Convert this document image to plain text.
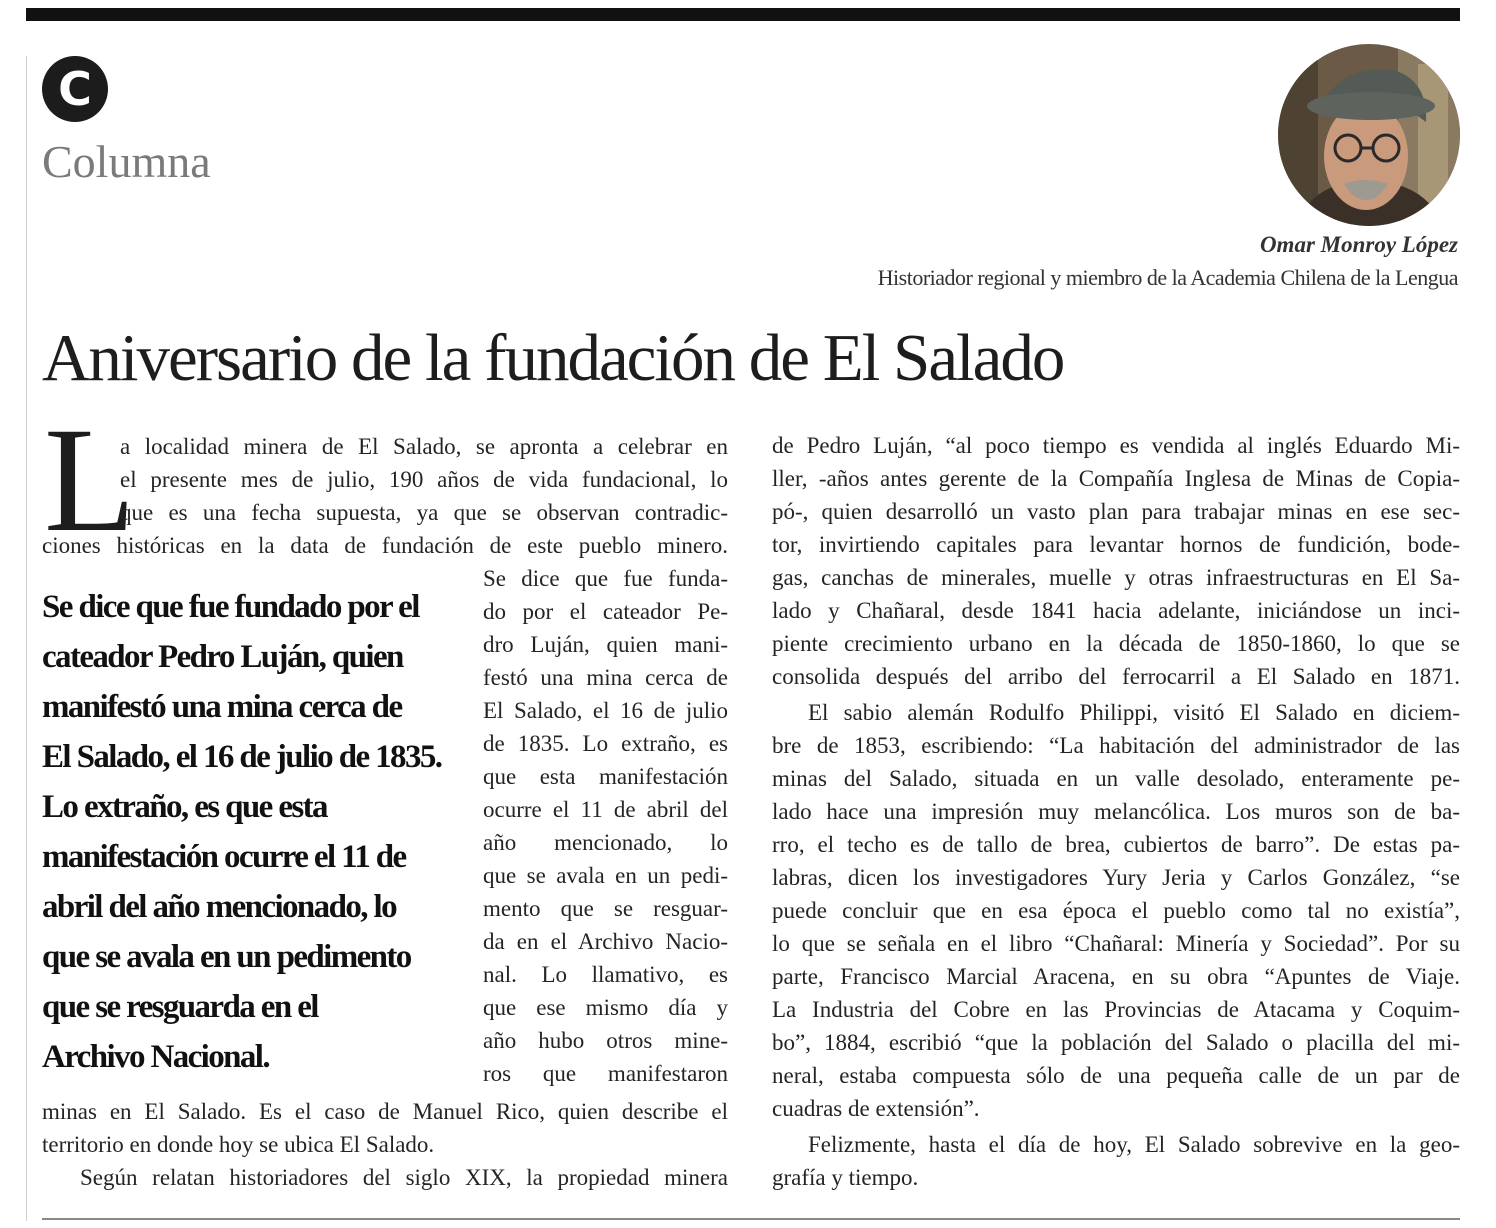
C
Columna
Omar Monroy López
Historiador regional y miembro de la Academia Chilena de la Lengua
Aniversario de la fundación de El Salado
L
a localidad minera de El Salado, se apronta a celebrar en
el presente mes de julio, 190 años de vida fundacional, lo
que es una fecha supuesta, ya que se observan contradic-
ciones históricas en la data de fundación de este pueblo minero.
Se dice que fue fundado por el
cateador Pedro Luján, quien
manifestó una mina cerca de
El Salado, el 16 de julio de 1835.
Lo extraño, es que esta
manifestación ocurre el 11 de
abril del año mencionado, lo
que se avala en un pedimento
que se resguarda en el
Archivo Nacional.
Se dice que fue funda-
do por el cateador Pe-
dro Luján, quien mani-
festó una mina cerca de
El Salado, el 16 de julio
de 1835. Lo extraño, es
que esta manifestación
ocurre el 11 de abril del
año mencionado, lo
que se avala en un pedi-
mento que se resguar-
da en el Archivo Nacio-
nal. Lo llamativo, es
que ese mismo día y
año hubo otros mine-
ros que manifestaron
minas en El Salado. Es el caso de Manuel Rico, quien describe el
territorio en donde hoy se ubica El Salado.
Según relatan historiadores del siglo XIX, la propiedad minera
de Pedro Luján, “al poco tiempo es vendida al inglés Eduardo Mi-
ller, -años antes gerente de la Compañía Inglesa de Minas de Copia-
pó-, quien desarrolló un vasto plan para trabajar minas en ese sec-
tor, invirtiendo capitales para levantar hornos de fundición, bode-
gas, canchas de minerales, muelle y otras infraestructuras en El Sa-
lado y Chañaral, desde 1841 hacia adelante, iniciándose un inci-
piente crecimiento urbano en la década de 1850-1860, lo que se
consolida después del arribo del ferrocarril a El Salado en 1871.
El sabio alemán Rodulfo Philippi, visitó El Salado en diciem-
bre de 1853, escribiendo: “La habitación del administrador de las
minas del Salado, situada en un valle desolado, enteramente pe-
lado hace una impresión muy melancólica. Los muros son de ba-
rro, el techo es de tallo de brea, cubiertos de barro”. De estas pa-
labras, dicen los investigadores Yury Jeria y Carlos González, “se
puede concluir que en esa época el pueblo como tal no existía”,
lo que se señala en el libro “Chañaral: Minería y Sociedad”. Por su
parte, Francisco Marcial Aracena, en su obra “Apuntes de Viaje.
La Industria del Cobre en las Provincias de Atacama y Coquim-
bo”, 1884, escribió “que la población del Salado o placilla del mi-
neral, estaba compuesta sólo de una pequeña calle de un par de
cuadras de extensión”.
Felizmente, hasta el día de hoy, El Salado sobrevive en la geo-
grafía y tiempo.
